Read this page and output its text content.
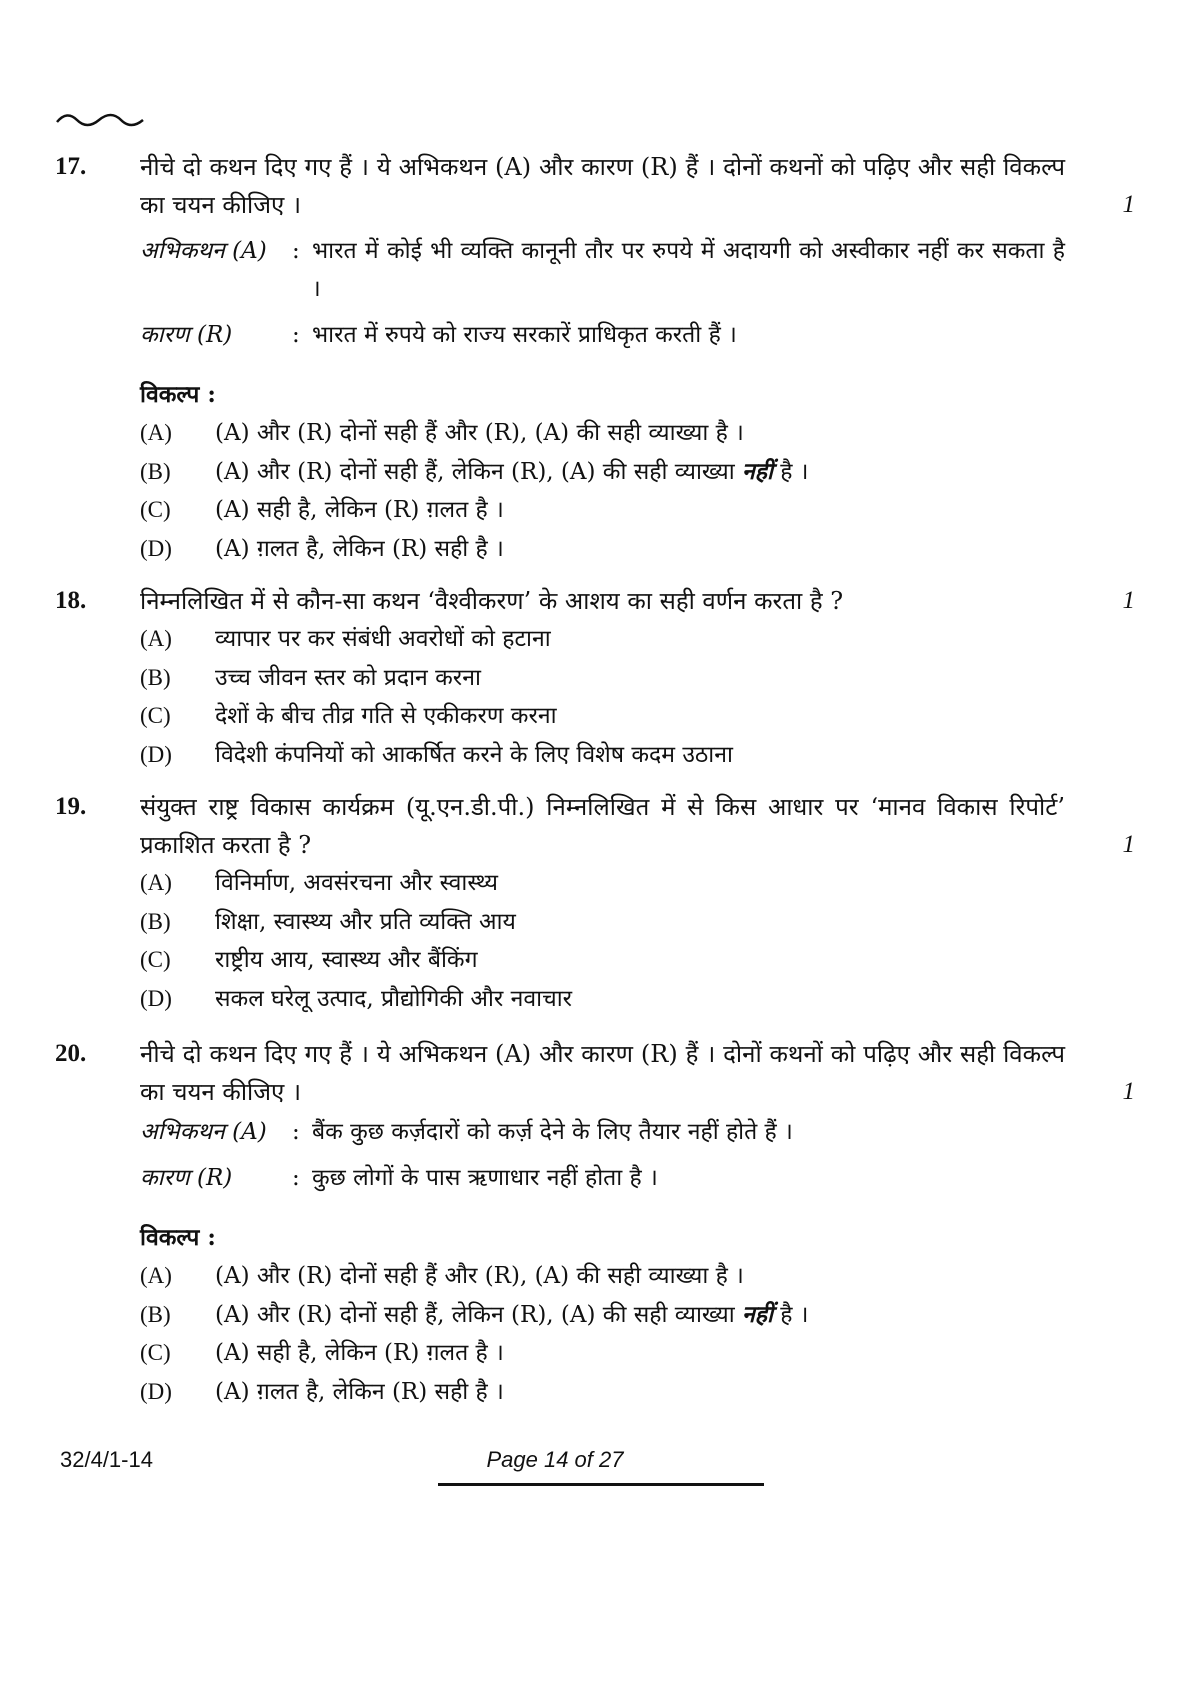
17. नीचे दो कथन दिए गए हैं । ये अभिकथन (A) और कारण (R) हैं । दोनों कथनों को पढ़िए और सही विकल्प का चयन कीजिए ।	1
अभिकथन (A) : भारत में कोई भी व्यक्ति कानूनी तौर पर रुपये में अदायगी को अस्वीकार नहीं कर सकता है ।
कारण (R)	: भारत में रुपये को राज्य सरकारें प्राधिकृत करती हैं ।
विकल्प :
(A) (A) और (R) दोनों सही हैं और (R), (A) की सही व्याख्या है ।
(B) (A) और (R) दोनों सही हैं, लेकिन (R), (A) की सही व्याख्या नहीं है ।
(C) (A) सही है, लेकिन (R) ग़लत है ।
(D) (A) ग़लत है, लेकिन (R) सही है ।
18. निम्नलिखित में से कौन-सा कथन ‘वैश्वीकरण’ के आशय का सही वर्णन करता है ?	1
(A) व्यापार पर कर संबंधी अवरोधों को हटाना
(B) उच्च जीवन स्तर को प्रदान करना
(C) देशों के बीच तीव्र गति से एकीकरण करना
(D) विदेशी कंपनियों को आकर्षित करने के लिए विशेष कदम उठाना
19. संयुक्त राष्ट्र विकास कार्यक्रम (यू.एन.डी.पी.) निम्नलिखित में से किस आधार पर ‘मानव विकास रिपोर्ट’ प्रकाशित करता है ?	1
(A) विनिर्माण, अवसंरचना और स्वास्थ्य
(B) शिक्षा, स्वास्थ्य और प्रति व्यक्ति आय
(C) राष्ट्रीय आय, स्वास्थ्य और बैंकिंग
(D) सकल घरेलू उत्पाद, प्रौद्योगिकी और नवाचार
20. नीचे दो कथन दिए गए हैं । ये अभिकथन (A) और कारण (R) हैं । दोनों कथनों को पढ़िए और सही विकल्प का चयन कीजिए ।	1
अभिकथन (A) : बैंक कुछ कर्ज़दारों को कर्ज़ देने के लिए तैयार नहीं होते हैं ।
कारण (R)	: कुछ लोगों के पास ऋणाधार नहीं होता है ।
विकल्प :
(A) (A) और (R) दोनों सही हैं और (R), (A) की सही व्याख्या है ।
(B) (A) और (R) दोनों सही हैं, लेकिन (R), (A) की सही व्याख्या नहीं है ।
(C) (A) सही है, लेकिन (R) ग़लत है ।
(D) (A) ग़लत है, लेकिन (R) सही है ।
32/4/1-14	Page 14 of 27
